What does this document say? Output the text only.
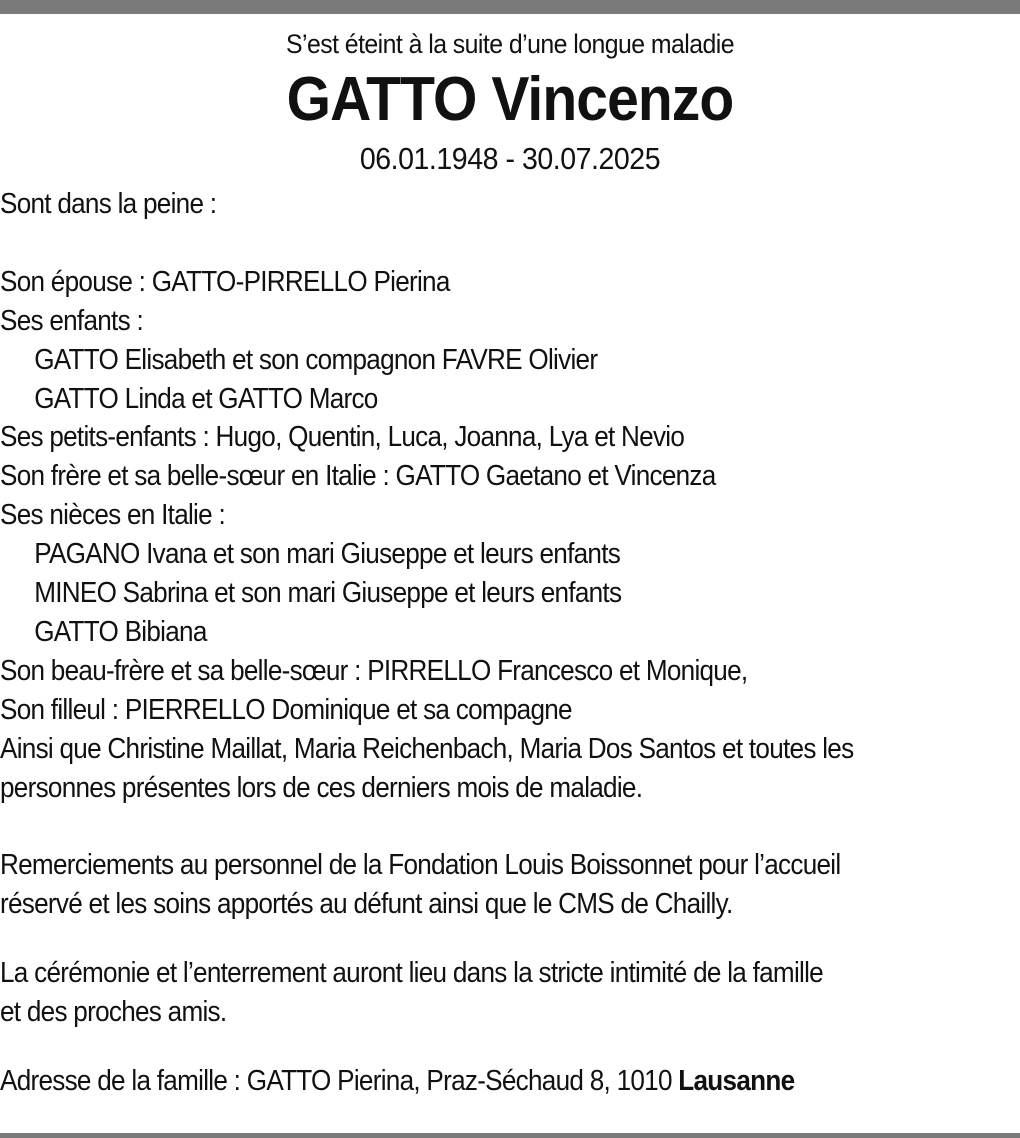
S’est éteint à la suite d’une longue maladie
GATTO Vincenzo
06.01.1948 - 30.07.2025
Sont dans la peine :
Son épouse : GATTO-PIRRELLO Pierina
Ses enfants :
GATTO Elisabeth et son compagnon FAVRE Olivier
GATTO Linda et GATTO Marco
Ses petits-enfants : Hugo, Quentin, Luca, Joanna, Lya et Nevio
Son frère et sa belle-sœur en Italie : GATTO Gaetano et Vincenza
Ses nièces en Italie :
PAGANO Ivana et son mari Giuseppe et leurs enfants
MINEO Sabrina et son mari Giuseppe et leurs enfants
GATTO Bibiana
Son beau-frère et sa belle-sœur : PIRRELLO Francesco et Monique,
Son filleul : PIERRELLO Dominique et sa compagne
Ainsi que Christine Maillat, Maria Reichenbach, Maria Dos Santos et toutes les
personnes présentes lors de ces derniers mois de maladie.
Remerciements au personnel de la Fondation Louis Boissonnet pour l’accueil
réservé et les soins apportés au défunt ainsi que le CMS de Chailly.
La cérémonie et l’enterrement auront lieu dans la stricte intimité de la famille
et des proches amis.
Adresse de la famille : GATTO Pierina, Praz-Séchaud 8, 1010 Lausanne
